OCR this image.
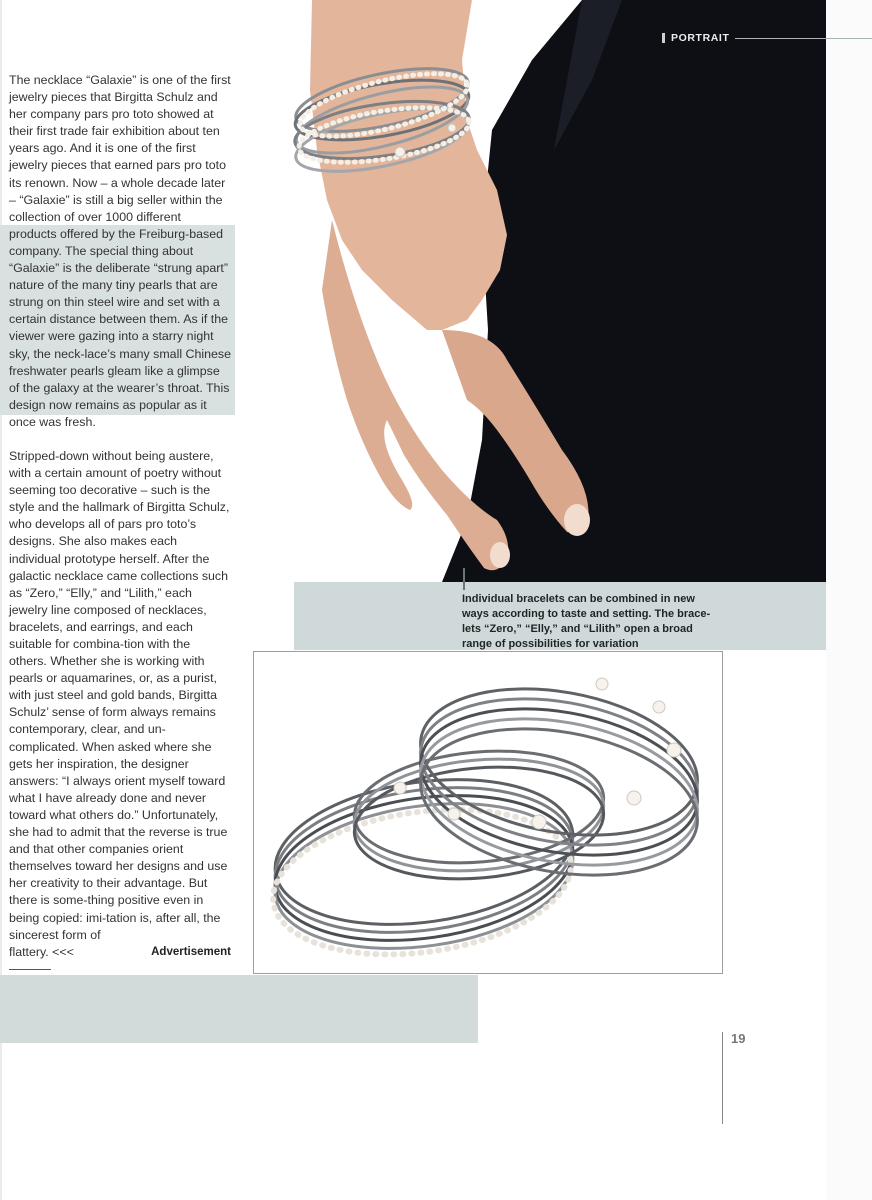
The necklace “Galaxie” is one of the first jewelry pieces that Birgitta Schulz and her company pars pro toto showed at their first trade fair exhibition about ten years ago. And it is one of the first jewelry pieces that earned pars pro toto its renown. Now – a whole decade later – “Galaxie” is still a big seller within the collection of over 1000 different products offered by the Freiburg-based company. The special thing about “Galaxie” is the deliberate “strung apart” nature of the many tiny pearls that are strung on thin steel wire and set with a certain distance between them. As if the viewer were gazing into a starry night sky, the neck-lace’s many small Chinese freshwater pearls gleam like a glimpse of the galaxy at the wearer’s throat. This design now remains as popular as it once was fresh.

Stripped-down without being austere, with a certain amount of poetry without seeming too decorative – such is the style and the hallmark of Birgitta Schulz, who develops all of pars pro toto’s designs. She also makes each individual prototype herself. After the galactic necklace came collections such as “Zero,” “Elly,” and “Lilith,” each jewelry line composed of necklaces, bracelets, and earrings, and each suitable for combina-tion with the others. Whether she is working with pearls or aquamarines, or, as a purist, with just steel and gold bands, Birgitta Schulz’ sense of form always remains contemporary, clear, and un-complicated. When asked where she gets her inspiration, the designer answers: “I always orient myself toward what I have already done and never toward what others do.” Unfortunately, she had to admit that the reverse is true and that other companies orient themselves toward her designs and use her creativity to their advantage. But there is some-thing positive even in being copied: imi-tation is, after all, the sincerest form of
flattery. <<<	Advertisement

PORTRAIT
Individual bracelets can be combined in new ways according to taste and setting. The brace-lets “Zero,” “Elly,” and “Lilith” open a broad range of possibilities for variation
19
